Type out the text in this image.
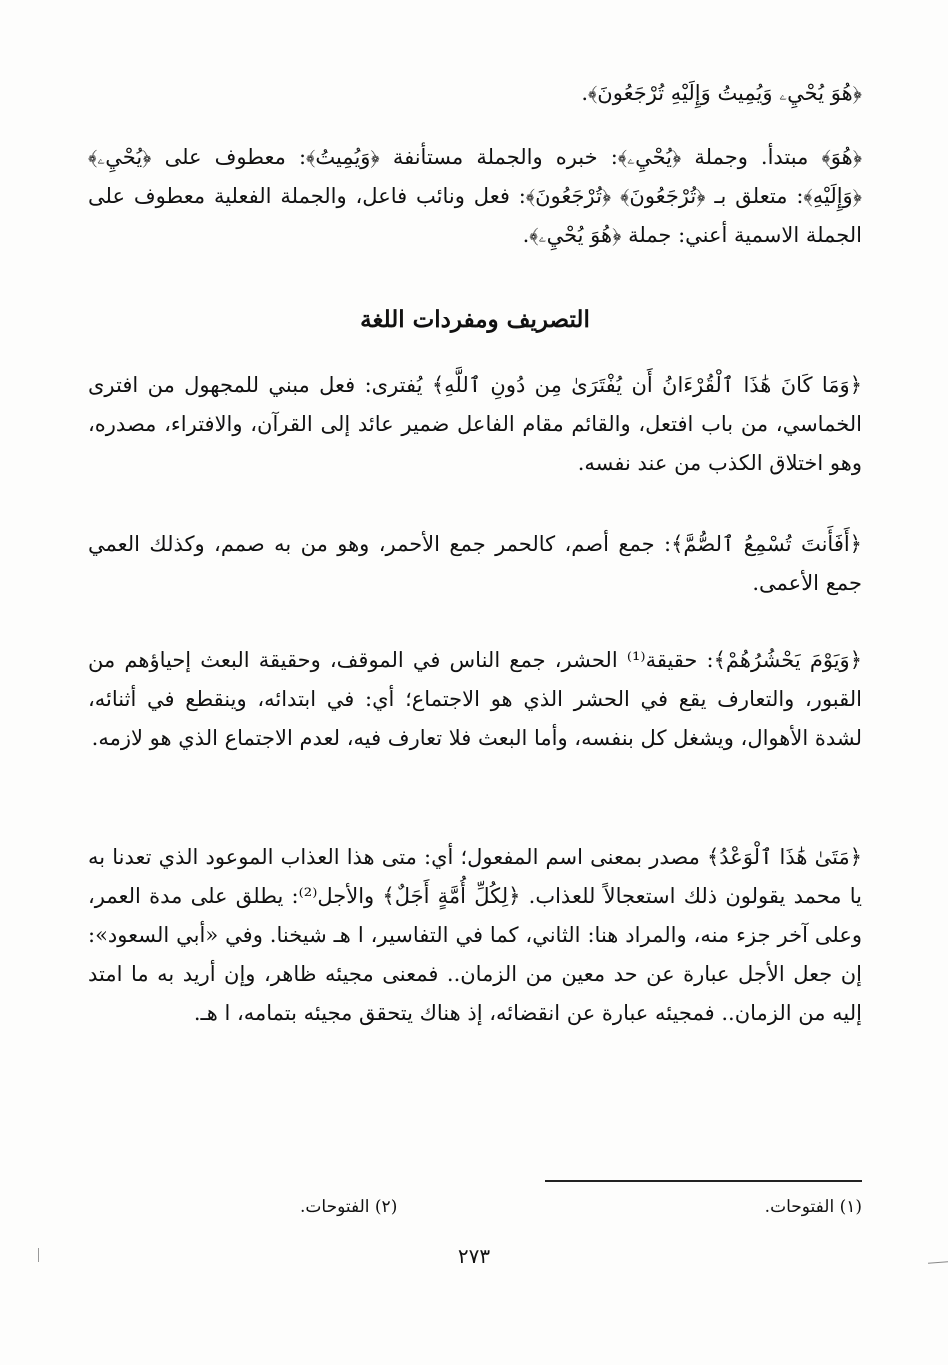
﴿هُوَ يُحْيِۦ وَيُمِيتُ وَإِلَيْهِ تُرْجَعُونَ﴾.

﴿هُوَ﴾ مبتدأ. وجملة ﴿يُحْيِۦ﴾: خبره والجملة مستأنفة ﴿وَيُمِيتُ﴾: معطوف على ﴿يُحْيِۦ﴾ ﴿وَإِلَيْهِ﴾: متعلق بـ ﴿تُرْجَعُونَ﴾ ﴿تُرْجَعُونَ﴾: فعل ونائب فاعل، والجملة الفعلية معطوف على الجملة الاسمية أعني: جملة ﴿هُوَ يُحْيِۦ﴾.

التصريف ومفردات اللغة

﴿وَمَا كَانَ هَٰذَا ٱلْقُرْءَانُ أَن يُفْتَرَىٰ مِن دُونِ ٱللَّهِ﴾ يُفترى: فعل مبني للمجهول من افترى الخماسي، من باب افتعل، والقائم مقام الفاعل ضمير عائد إلى القرآن، والافتراء، مصدره، وهو اختلاق الكذب من عند نفسه.

﴿أَفَأَنتَ تُسْمِعُ ٱلصُّمَّ﴾: جمع أصم، كالحمر جمع الأحمر، وهو من به صمم، وكذلك العمي جمع الأعمى.

﴿وَيَوْمَ يَحْشُرُهُمْ﴾: حقيقة⁽¹⁾ الحشر، جمع الناس في الموقف، وحقيقة البعث إحياؤهم من القبور، والتعارف يقع في الحشر الذي هو الاجتماع؛ أي: في ابتدائه، وينقطع في أثنائه، لشدة الأهوال، ويشغل كل بنفسه، وأما البعث فلا تعارف فيه، لعدم الاجتماع الذي هو لازمه.

﴿مَتَىٰ هَٰذَا ٱلْوَعْدُ﴾ مصدر بمعنى اسم المفعول؛ أي: متى هذا العذاب الموعود الذي تعدنا به يا محمد يقولون ذلك استعجالاً للعذاب. ﴿لِكُلِّ أُمَّةٍ أَجَلٌ﴾ والأجل⁽²⁾: يطلق على مدة العمر، وعلى آخر جزء منه، والمراد هنا: الثاني، كما في التفاسير، ا هـ شيخنا. وفي «أبي السعود»: إن جعل الأجل عبارة عن حد معين من الزمان.. فمعنى مجيئه ظاهر، وإن أريد به ما امتد إليه من الزمان.. فمجيئه عبارة عن انقضائه، إذ هناك يتحقق مجيئه بتمامه، ا هـ.

(١) الفتوحات.
(٢) الفتوحات.
٢٧٣
